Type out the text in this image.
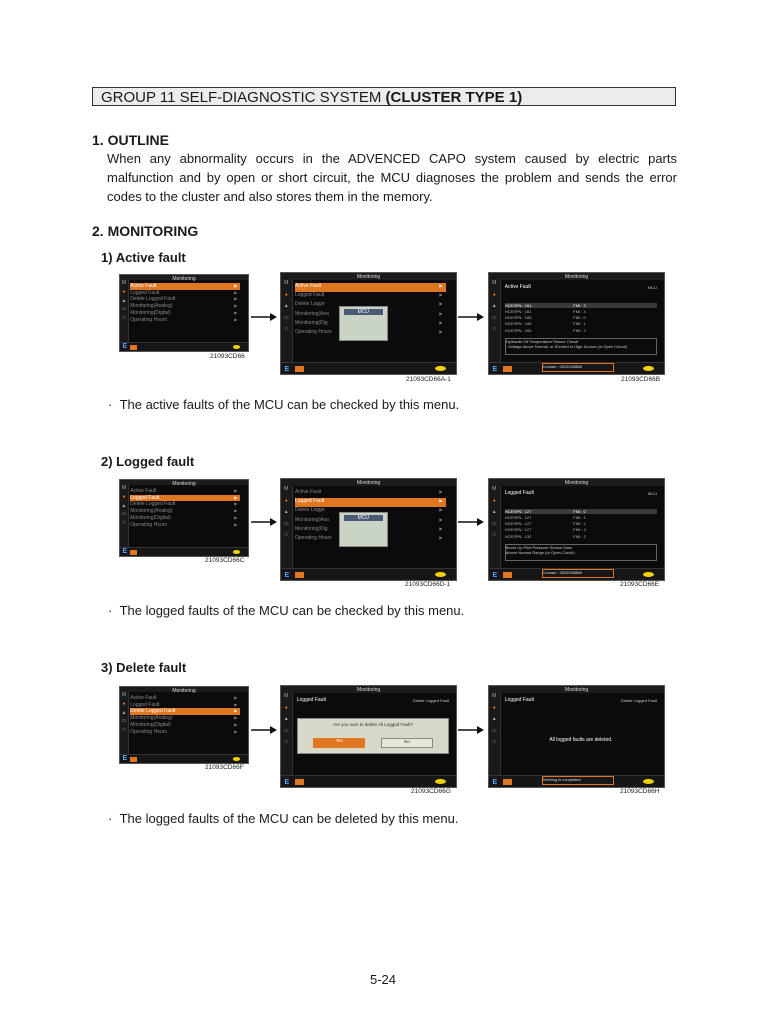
GROUP 11 SELF-DIAGNOSTIC SYSTEM (CLUSTER TYPE 1)
1. OUTLINE
When any abnormality occurs in the ADVENCED CAPO system caused by electric parts malfunction and by open or short circuit, the MCU diagnoses the problem and sends the error codes to the cluster and also stores them in the memory.
2. MONITORING
1) Active fault
Monitoring
M
●
▲
▭
☆
Active Fault	▶
Logged Fault	▶
Delete Logged Fault	▶
Monitoring(Analog)	▶
Monitoring(Digital)	▶
Operating Hours	▶
E
21093CD66
Monitoring
M
●
▲
▭
☆
Active Fault	▶
Logged Fault	▶
Delete Logge	▶
Monitoring(Ana	▶
Monitoring(Dig	▶
Operating Hours	▶
MCU
E
21093CD66A-1
Monitoring
M
●
▲
▭
☆
Active Fault	MCU
HCESPN : 161	FMI : 3
HCESPN : 161	FMI : 4
HCESPN : 165	FMI : 0
HCESPN : 165	FMI : 1
HCESPN : 165	FMI : 2
Hydraulic Oil Temperature Sensor Circuit
- Voltage Above Normal, or Shorted to High Source (or Open Circuit)
E	Contact : 0522028888
21093CD66B
·  The active faults of the MCU can be checked by this menu.
2) Logged fault
Monitoring
M
●
▲
▭
☆
Active Fault	▶
Logged Fault	▶
Delete Logged Fault	▶
Monitoring(Analog)	▶
Monitoring(Digital)	▶
Operating Hours	▶
E
21093CD66C
Monitoring
M
●
▲
▭
☆
Active Fault	▶
Logged Fault	▶
Delete Logge	▶
Monitoring(Ana	▶
Monitoring(Dig	▶
Operating Hours	▶
MCU
E
21093CD66D-1
Monitoring
M
●
▲
▭
☆
Logged Fault	MCU
HCESPN : 127	FMI : 0
HCESPN : 127	FMI : 1
HCESPN : 127	FMI : 2
HCESPN : 127	FMI : 4
HCESPN : 132	FMI : 2
Boom Up Pilot Pressure Sensor Data
Above Normal Range (or Open Circuit)
E	Contact : 0522028888
21093CD66E
·  The logged faults of the MCU can be checked by this menu.
3) Delete fault
Monitoring
M
●
▲
▭
☆
Active Fault	▶
Logged Fault	▶
Delete Logged Fault	▶
Monitoring(Analog)	▶
Monitoring(Digital)	▶
Operating Hours	▶
E
21093CD66F
Monitoring
M
●
▲
▭
☆
Logged Fault	Delete Logged Fault
Are you sure to delete All Logged Fault?
Yes	No
E
21093CD66G
Monitoring
M
●
▲
▭
☆
Logged Fault	Delete Logged Fault
All logged faults are deleted.
E	Deleting is completed
21093CD66H
·  The logged faults of the MCU can be deleted by this menu.
5-24
